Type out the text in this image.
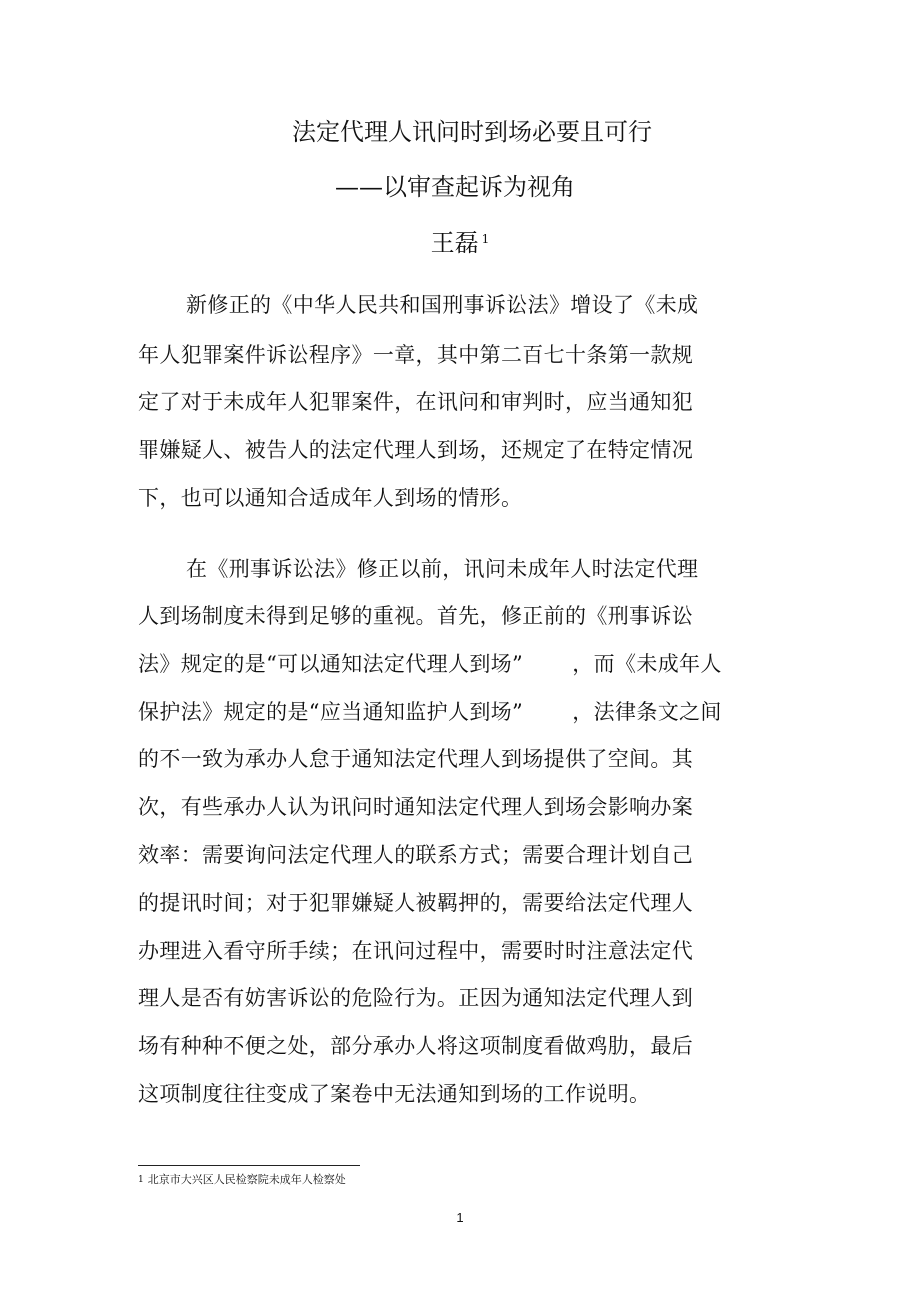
法定代理人讯问时到场必要且可行
——以审查起诉为视角
王磊 $^1$
新修正的《中华人民共和国刑事诉讼法》增设了《未成
年人犯罪案件诉讼程序》一章，其中第二百七十条第一款规
定了对于未成年人犯罪案件，在讯问和审判时，应当通知犯
罪嫌疑人、被告人的法定代理人到场，还规定了在特定情况
下，也可以通知合适成年人到场的情形。
在《刑事诉讼法》修正以前，讯问未成年人时法定代理
人到场制度未得到足够的重视。首先，修正前的《刑事诉讼
法》规定的是“可以通知法定代理人到场”       ，而《未成年人
保护法》规定的是“应当通知监护人到场”       ，法律条文之间
的不一致为承办人怠于通知法定代理人到场提供了空间。其
次，有些承办人认为讯问时通知法定代理人到场会影响办案
效率：需要询问法定代理人的联系方式；需要合理计划自己
的提讯时间；对于犯罪嫌疑人被羁押的，需要给法定代理人
办理进入看守所手续；在讯问过程中，需要时时注意法定代
理人是否有妨害诉讼的危险行为。正因为通知法定代理人到
场有种种不便之处，部分承办人将这项制度看做鸡肋，最后
这项制度往往变成了案卷中无法通知到场的工作说明。
$^1$ 北京市大兴区人民检察院未成年人检察处
1
